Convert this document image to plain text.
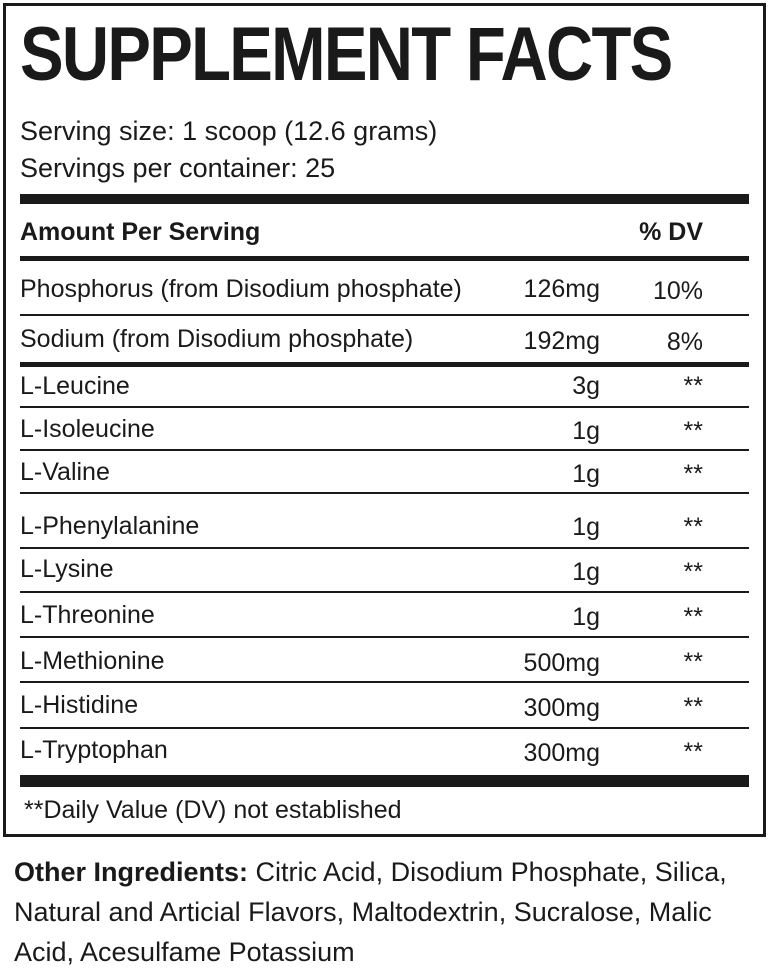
SUPPLEMENT FACTS
Serving size: 1 scoop (12.6 grams)
Servings per container: 25
Amount Per Serving	% DV
Phosphorus (from Disodium phosphate) 126mg 10%
Sodium (from Disodium phosphate)	192mg	8%
L-Leucine	3g	**
L-Isoleucine	1g	**
L-Valine	1g	**
L-Phenylalanine	1g	**
L-Lysine	1g	**
L-Threonine	1g	**
L-Methionine	500mg	**
L-Histidine	300mg	**
L-Tryptophan	300mg	**
**Daily Value (DV) not established
Other Ingredients: Citric Acid, Disodium Phosphate, Silica, Natural and Articial Flavors, Maltodextrin, Sucralose, Malic Acid, Acesulfame Potassium
